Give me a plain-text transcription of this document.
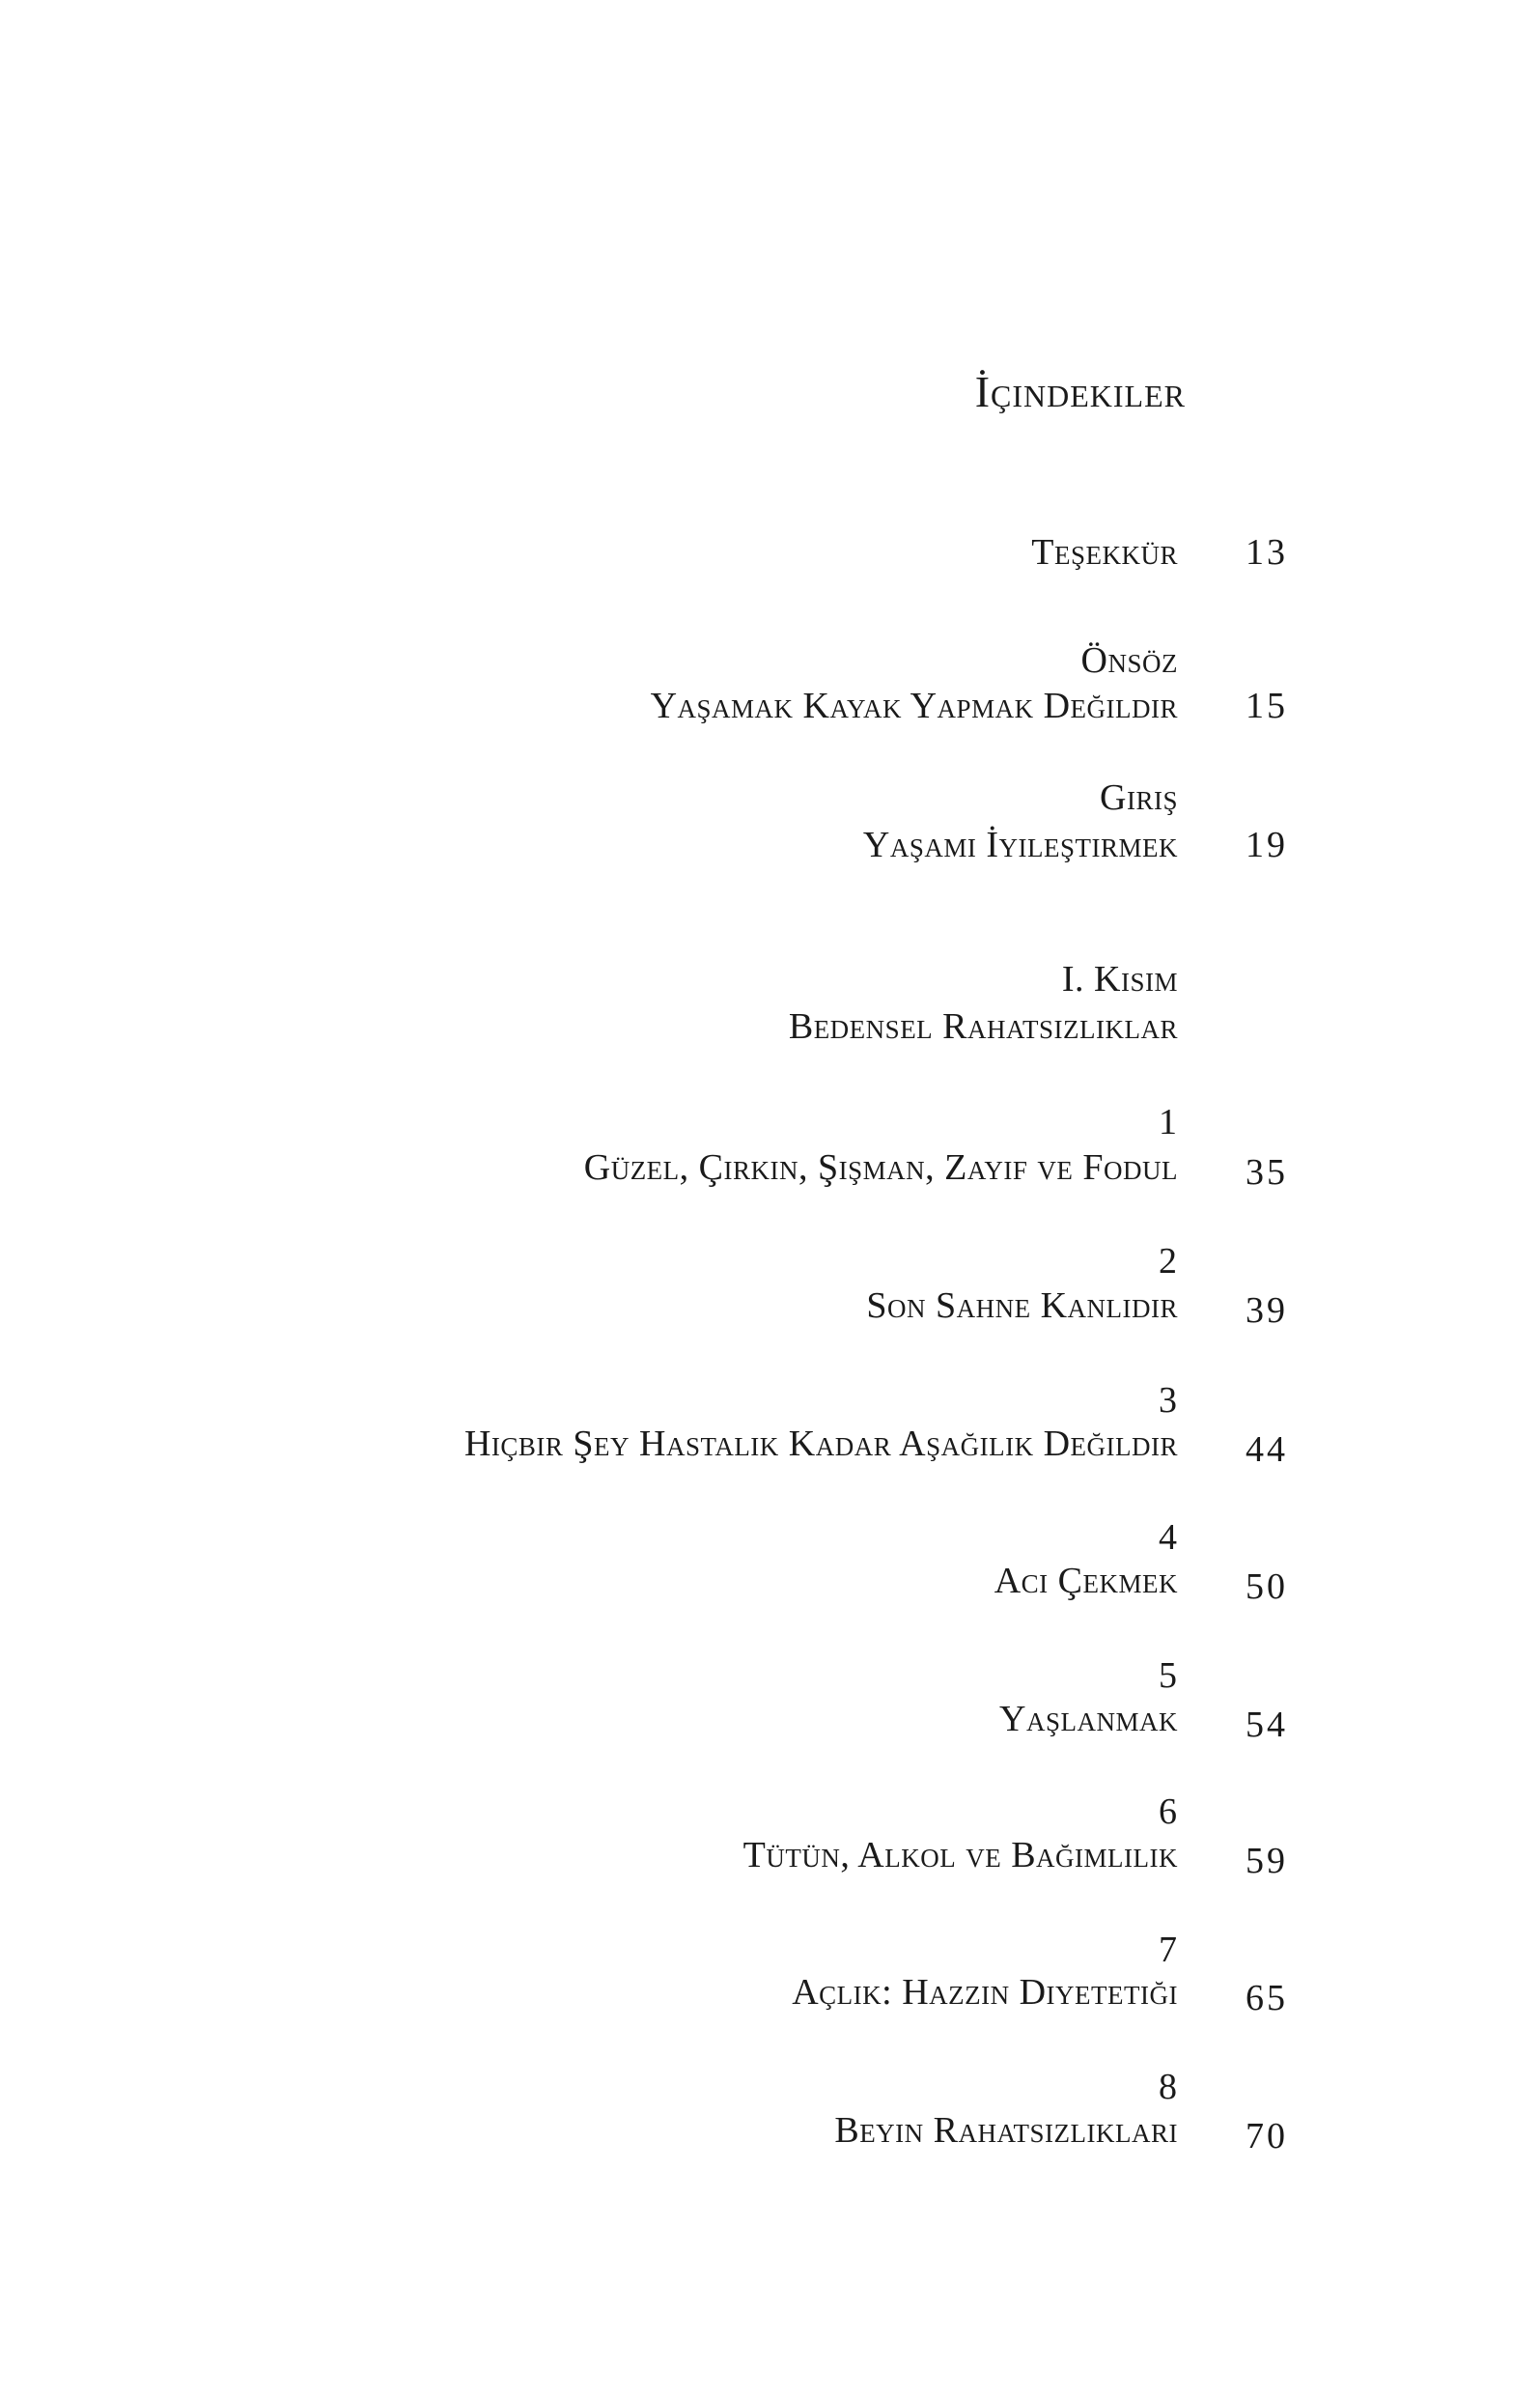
İçindekiler
Teşekkür 13
Önsöz
Yaşamak Kayak Yapmak Değildir 15
Giriş
Yaşamı İyileştirmek 19
I. Kısım
Bedensel Rahatsızlıklar
1
Güzel, Çirkin, Şişman, Zayıf ve Fodul 35
2
Son Sahne Kanlıdır 39
3
Hiçbir Şey Hastalık Kadar Aşağılık Değildir 44
4
Acı Çekmek 50
5
Yaşlanmak 54
6
Tütün, Alkol ve Bağımlılık 59
7
Açlık: Hazzın Diyetetiği 65
8
Beyin Rahatsızlıkları 70
